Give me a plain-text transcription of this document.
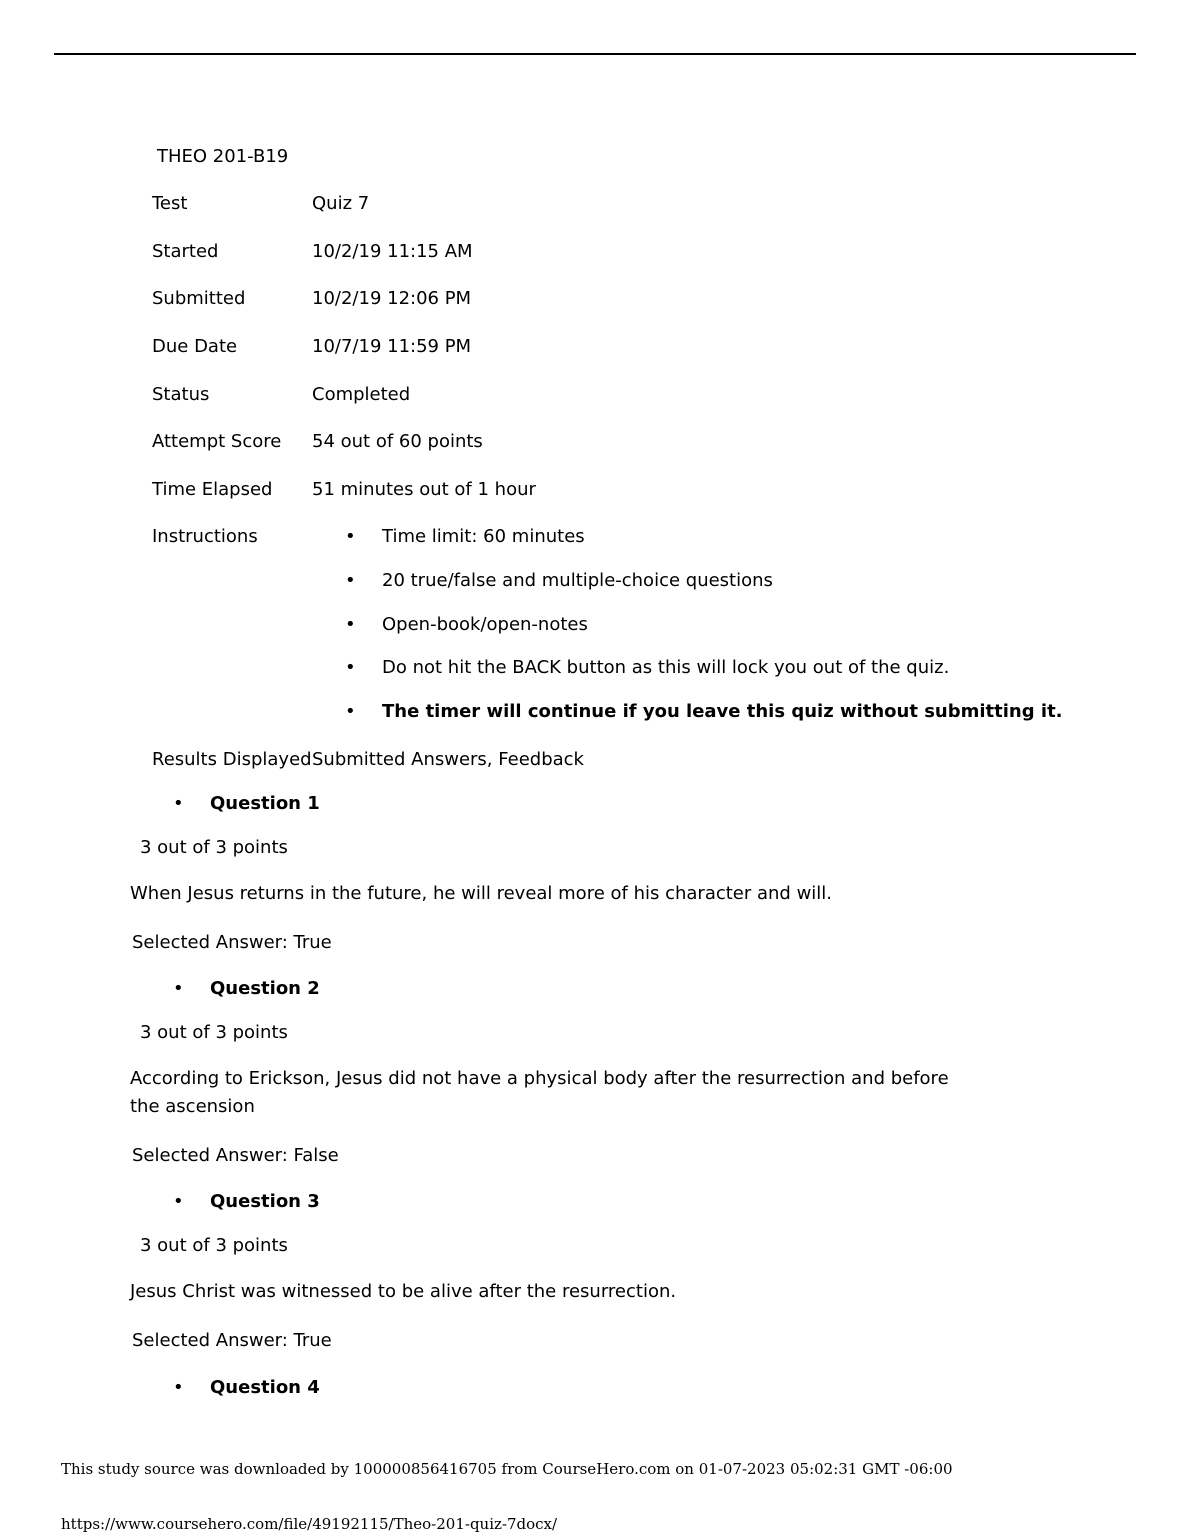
THEO 201-B19
Test	Quiz 7
Started	10/2/19 11:15 AM
Submitted	10/2/19 12:06 PM
Due Date	10/7/19 11:59 PM
Status	Completed
Attempt Score 54 out of 60 points
Time Elapsed 51 minutes out of 1 hour
Instructions	• Time limit: 60 minutes
• 20 true/false and multiple-choice questions
• Open-book/open-notes
• Do not hit the BACK button as this will lock you out of the quiz.
• The timer will continue if you leave this quiz without submitting it.
Results Displayed Submitted Answers, Feedback
• Question 1
3 out of 3 points
When Jesus returns in the future, he will reveal more of his character and will.
Selected Answer: True
• Question 2
3 out of 3 points
According to Erickson, Jesus did not have a physical body after the resurrection and before the ascension
Selected Answer: False
• Question 3
3 out of 3 points
Jesus Christ was witnessed to be alive after the resurrection.
Selected Answer: True
• Question 4
This study source was downloaded by 100000856416705 from CourseHero.com on 01-07-2023 05:02:31 GMT -06:00
https://www.coursehero.com/file/49192115/Theo-201-quiz-7docx/
